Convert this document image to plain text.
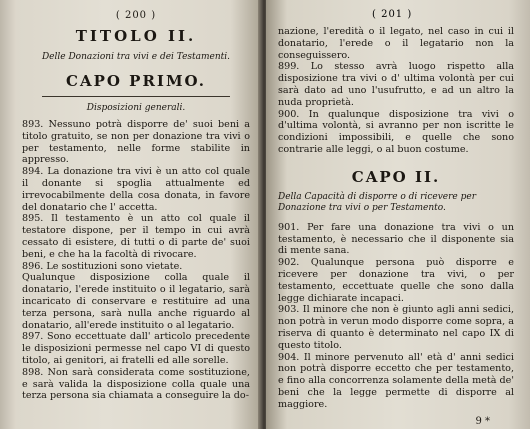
( 200 )
TITOLO II.
Delle Donazioni tra vivi e dei Testamenti.
CAPO PRIMO.
Disposizioni generali.

893. Nessuno potrà disporre de' suoi beni a titolo gratuito, se non per donazione tra vivi o per testamento, nelle forme stabilite in appresso.

894. La donazione tra vivi è un atto col quale il donante si spoglia attualmente ed irrevocabilmente della cosa donata, in favore del donatario che l' accetta.

895. Il testamento è un atto col quale il testatore dispone, per il tempo in cui avrà cessato di esistere, di tutti o di parte de' suoi beni, e che ha la facoltà di rivocare.

896. Le sostituzioni sono vietate.

Qualunque disposizione colla quale il donatario, l'erede instituito o il legatario, sarà incaricato di conservare e restituire ad una terza persona, sarà nulla anche riguardo al donatario, all'erede instituito o al legatario.

897. Sono eccettuate dall' articolo precedente le disposizioni permesse nel capo VI di questo titolo, ai genitori, ai fratelli ed alle sorelle.

898. Non sarà considerata come sostituzione, e sarà valida la disposizione colla quale una terza persona sia chiamata a conseguire la do-

nazione, l'eredità o il legato, nel caso in cui il donatario, l'erede o il legatario non la conseguissero.

899. Lo stesso avrà luogo rispetto alla disposizione tra vivi o d' ultima volontà per cui sarà dato ad uno l'usufrutto, e ad un altro la nuda proprietà.

900. In qualunque disposizione tra vivi o d'ultima volontà, si avranno per non iscritte le condizioni impossibili, e quelle che sono contrarie alle leggi, o al buon costume.

CAPO II.
Della Capacità di disporre o di ricevere per Donazione tra vivi o per Testamento.

901. Per fare una donazione tra vivi o un testamento, è necessario che il disponente sia di mente sana.

902. Qualunque persona può disporre e ricevere per donazione tra vivi, o per testamento, eccettuate quelle che sono dalla legge dichiarate incapaci.

903. Il minore che non è giunto agli anni sedici, non potrà in verun modo disporre come sopra, a riserva di quanto è determinato nel capo IX di questo titolo.

904. Il minore pervenuto all' età d' anni sedici non potrà disporre eccetto che per testamento, e fino alla concorrenza solamente della metà de' beni che la legge permette di disporre al maggiore.

9 *
( 201 )
